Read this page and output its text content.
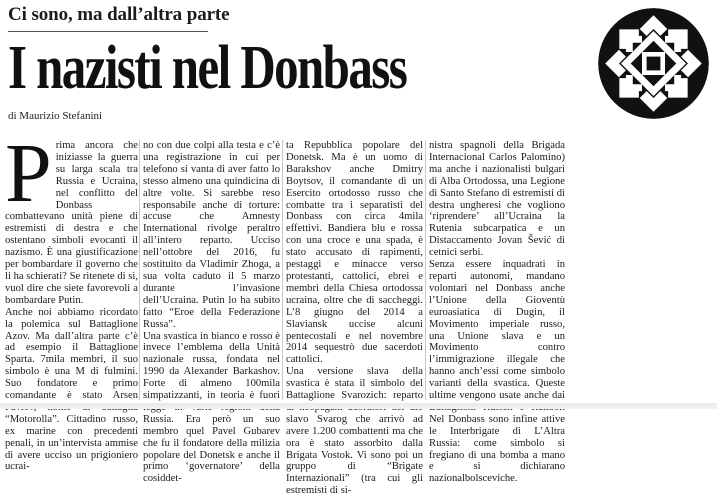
Ci sono, ma dall’altra parte
I nazisti nel Donbass
di Maurizio Stefanini
P rima ancora che iniziasse la guerra su larga scala tra Russia e Ucraina, nel conflitto del Donbass combattevano unità piene di estremisti di destra e che ostentano simboli evocanti il nazismo. È una giustificazione per bombardare il governo che li ha schierati? Se ritenete di sì, vuol dire che siete favorevoli a bombardare Putin.
Anche noi abbiamo ricordato la polemica sul Battaglione Azov. Ma dall’altra parte c’è ad esempio il Battaglione Sparta. 7mila membri, il suo simbolo è una M di fulmini. Suo fondatore e primo comandante è stato Arsen “Motorolla”. Cittadino russo, ex marine con precedenti penali, in un’intervista ammise di avere ucciso un prigioniero ucrai-
no con due colpi alla testa e c’è una registrazione in cui per telefono si vanta di aver fatto lo stesso almeno una quindicina di altre volte. Si sarebbe reso responsabile anche di torture: accuse che Amnesty International rivolge peraltro all’intero reparto. Ucciso nell’ottobre del 2016, fu sostituito da Vladimir Zhoga, a sua volta caduto il 5 marzo durante l’invasione dell’Ucraina. Putin lo ha subito fatto “Eroe della Federazione Russa”.
Una svastica in bianco e rosso è invece l’emblema della Unità nazionale russa, fondata nel 1990 da Alexander Barkashov. Forte di almeno 100mila simpatizzanti, in teoria è fuori Russia. Era però un suo membro quel Pavel Gubarev che fu il fondatore della milizia popolare del Donetsk e anche il primo ‘governatore’ della cosiddet-
ta Repubblica popolare del Donetsk. Ma è un uomo di Barakshov anche Dmitry Boytsov, il comandante di un Esercito ortodosso russo che combatte tra i separatisti del Donbass con circa 4mila effettivi. Bandiera blu e rossa con una croce e una spada, è stato accusato di rapimenti, pestaggi e minacce verso protestanti, cattolici, ebrei e membri della Chiesa ortodossa ucraina, oltre che di saccheggi. L’8 giugno del 2014 a Slaviansk uccise alcuni pentecostali e nel novembre 2014 sequestrò due sacerdoti cattolici.
Una versione slava della svastica è stata il simbolo del Battaglione Svarozich: reparto slavo Svarog che arrivò ad avere 1.200 combattenti ma che ora è stato assorbito dalla Brigata Vostok. Vi sono poi un gruppo di “Brigate Internazionali” (tra cui gli estremisti di si-
nistra spagnoli della Brigada Internacional Carlos Palomino) ma anche i nazionalisti bulgari di Alba Ortodossa, una Legione di Santo Stefano di estremisti di destra ungheresi che vogliono ‘riprendere’ all’Ucraina la Rutenia subcarpatica e un Distaccamento Jovan Šević di cetnici serbi.
Senza essere inquadrati in reparti autonomi, mandano volontari nel Donbass anche l’Unione della Gioventù euroasiatica di Dugin, il Movimento imperiale russo, una Unione slava e un Movimento contro l’immigrazione illegale che hanno anch’essi come simbolo varianti della svastica. Queste ultime vengono usate anche dai Nel Donbass sono infine attive le Interbrigate di L’Altra Russia: come simbolo si fregiano di una bomba a mano e si dichiarano nazionalbolsceviche.
